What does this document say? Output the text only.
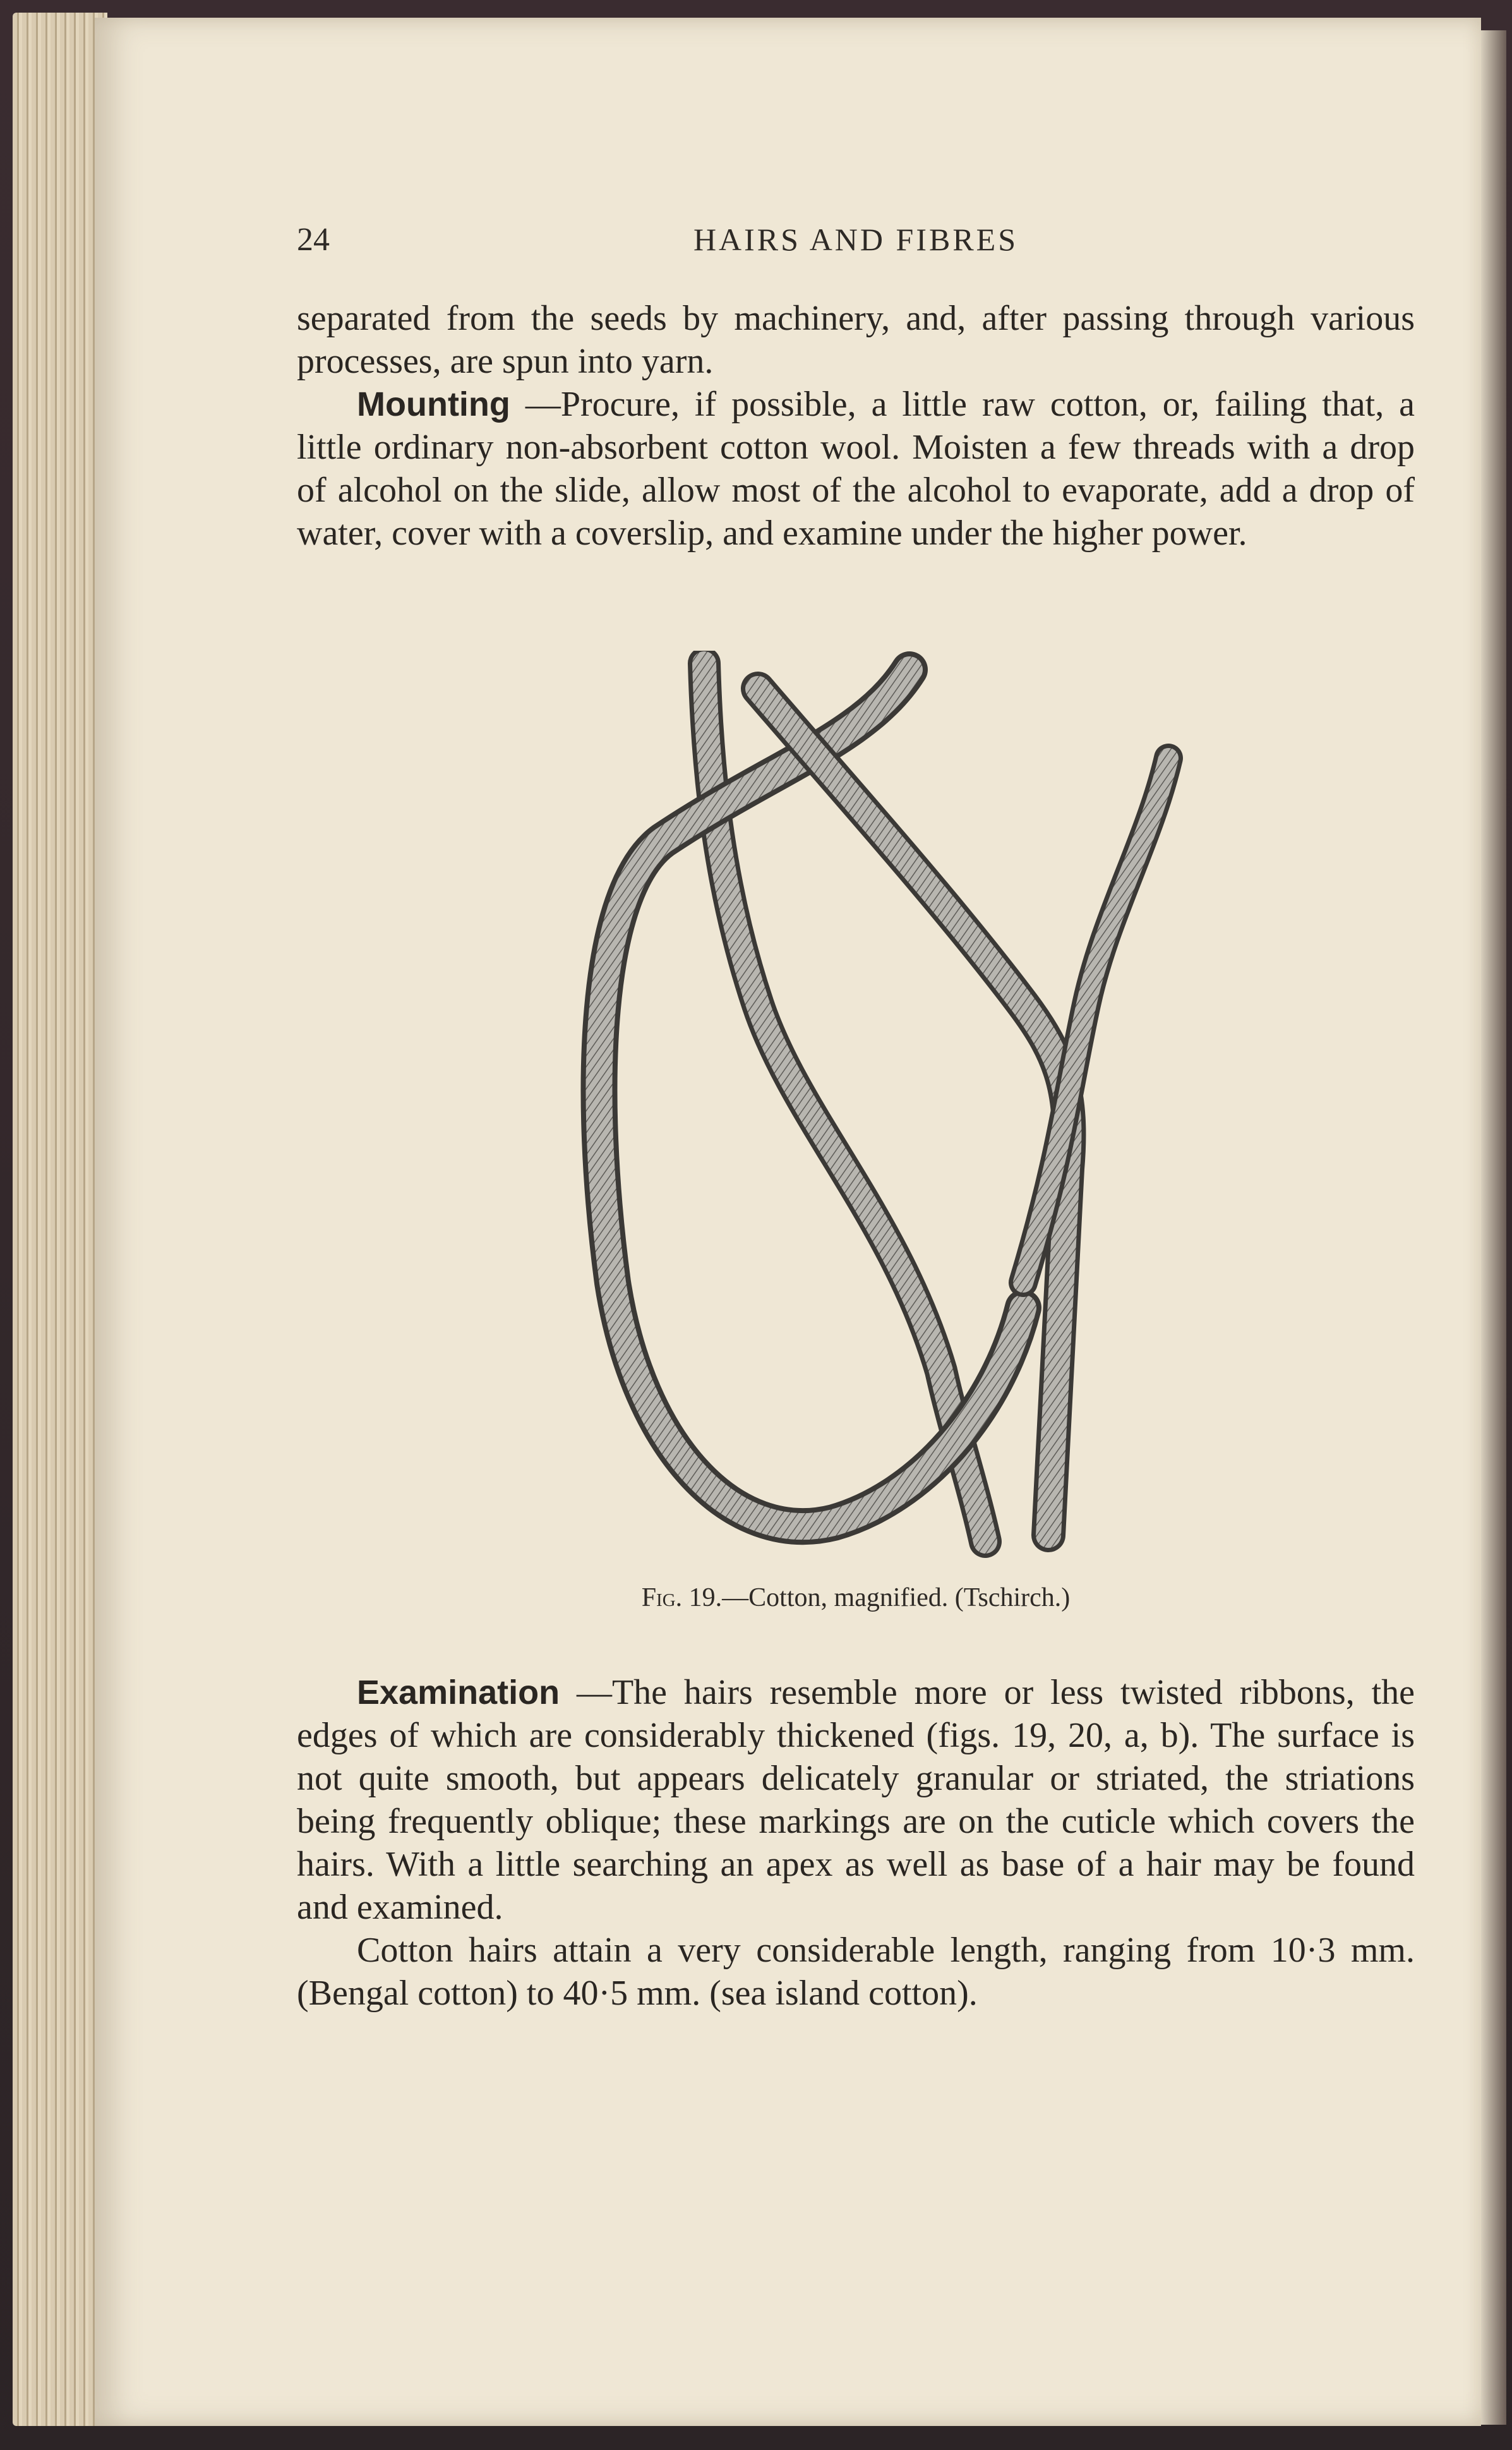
24	HAIRS AND FIBRES

separated from the seeds by machinery, and, after passing through various processes, are spun into yarn.

Mounting —Procure, if possible, a little raw cotton, or, failing that, a little ordinary non-absorbent cotton wool. Moisten a few threads with a drop of alcohol on the slide, allow most of the alcohol to evaporate, add a drop of water, cover with a coverslip, and examine under the higher power.

Fig. 19.—Cotton, magnified. (Tschirch.)

Examination —The hairs resemble more or less twisted ribbons, the edges of which are considerably thickened (figs. 19, 20, a, b). The surface is not quite smooth, but appears delicately granular or striated, the striations being frequently oblique; these markings are on the cuticle which covers the hairs. With a little searching an apex as well as base of a hair may be found and examined.

Cotton hairs attain a very considerable length, ranging from 10·3 mm. (Bengal cotton) to 40·5 mm. (sea island cotton).
